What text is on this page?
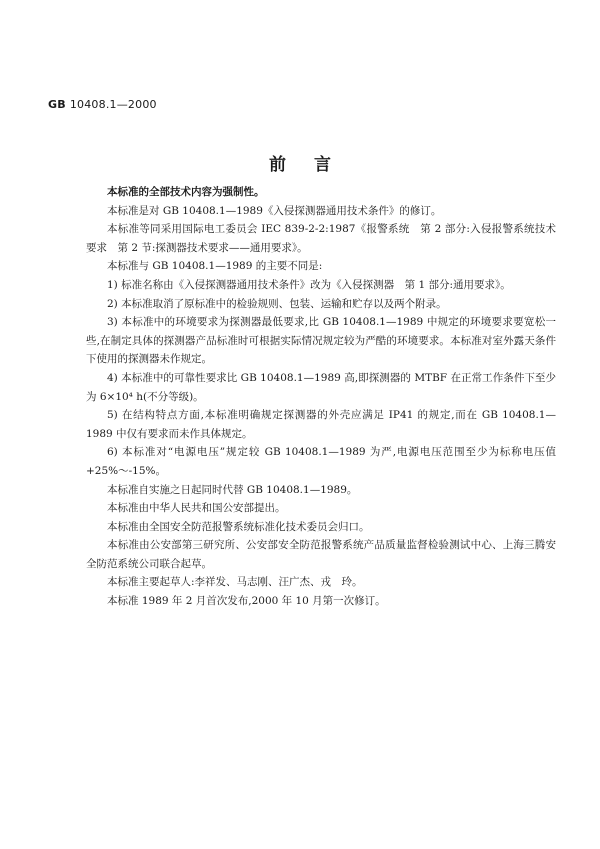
GB 10408.1—2000
前言

本标准的全部技术内容为强制性。

本标准是对 GB 10408.1—1989《入侵探测器通用技术条件》的修订。

本标准等同采用国际电工委员会 IEC 839-2-2:1987《报警系统　第 2 部分:入侵报警系统技术要求　第 2 节:探测器技术要求——通用要求》。

本标准与 GB 10408.1—1989 的主要不同是:

1) 标准名称由《入侵探测器通用技术条件》改为《入侵探测器　第 1 部分:通用要求》。

2) 本标准取消了原标准中的检验规则、包装、运输和贮存以及两个附录。

3) 本标准中的环境要求为探测器最低要求,比 GB 10408.1—1989 中规定的环境要求要宽松一些,在制定具体的探测器产品标准时可根据实际情况规定较为严酷的环境要求。本标准对室外露天条件下使用的探测器未作规定。

4) 本标准中的可靠性要求比 GB 10408.1—1989 高,即探测器的 MTBF 在正常工作条件下至少为 6×10⁴ h(不分等级)。

5) 在结构特点方面,本标准明确规定探测器的外壳应满足 IP41 的规定,而在 GB 10408.1—1989 中仅有要求而未作具体规定。

6) 本标准对“电源电压”规定较 GB 10408.1—1989 为严,电源电压范围至少为标称电压值 +25%～-15%。

本标准自实施之日起同时代替 GB 10408.1—1989。

本标准由中华人民共和国公安部提出。

本标准由全国安全防范报警系统标准化技术委员会归口。

本标准由公安部第三研究所、公安部安全防范报警系统产品质量监督检验测试中心、上海三腾安全防范系统公司联合起草。

本标准主要起草人:李祥发、马志刚、汪广杰、戎　玲。

本标准 1989 年 2 月首次发布,2000 年 10 月第一次修订。
